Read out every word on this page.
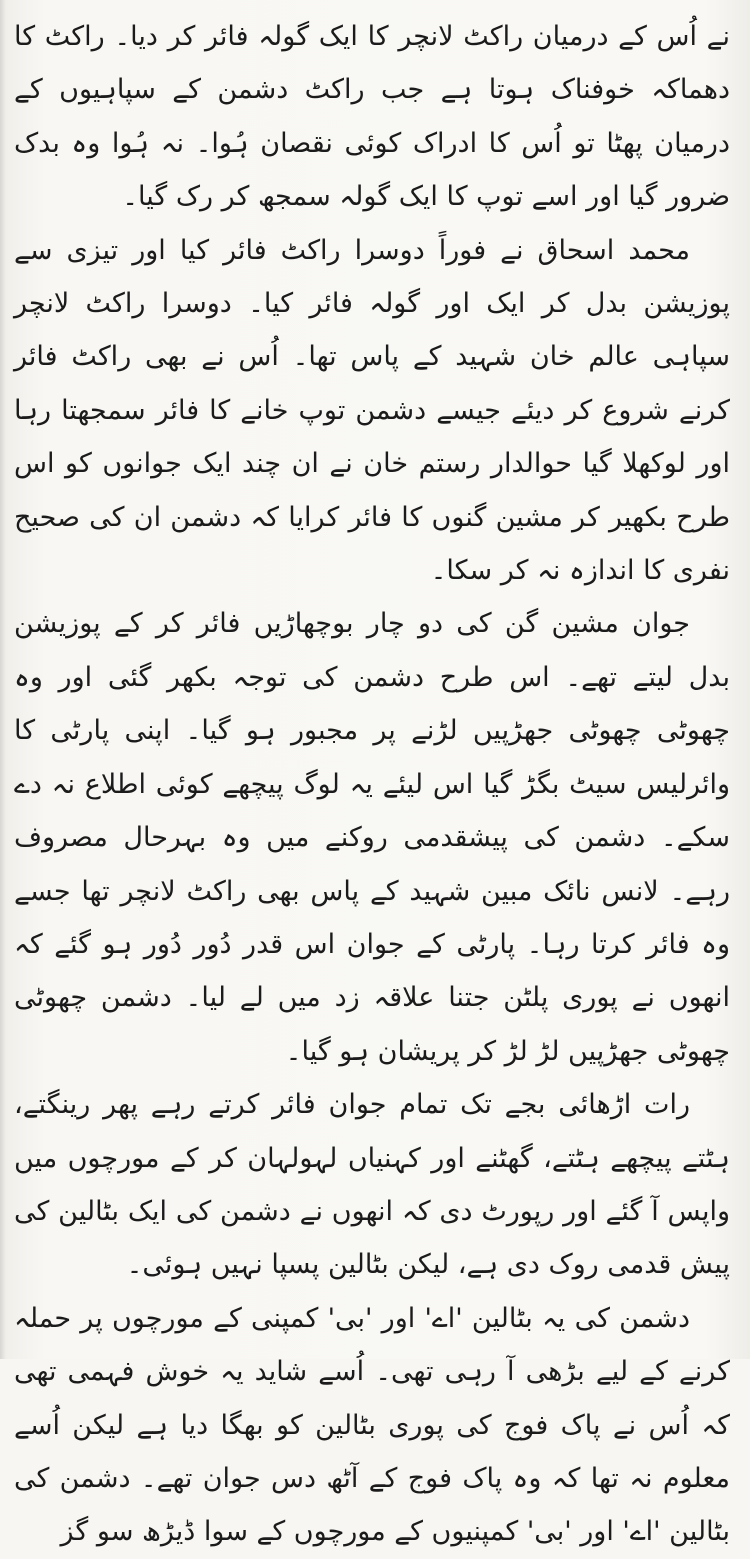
نے اُس کے درمیان راکٹ لانچر کا ایک گولہ فائر کر دیا۔ راکٹ کا دھماکہ خوفناک ہوتا ہے جب راکٹ دشمن کے سپاہیوں کے درمیان پھٹا تو اُس کا ادراک کوئی نقصان ہُوا۔ نہ ہُوا وہ بدک ضرور گیا اور اسے توپ کا ایک گولہ سمجھ کر رک گیا۔

محمد اسحاق نے فوراً دوسرا راکٹ فائر کیا اور تیزی سے پوزیشن بدل کر ایک اور گولہ فائر کیا۔ دوسرا راکٹ لانچر سپاہی عالم خان شہید کے پاس تھا۔ اُس نے بھی راکٹ فائر کرنے شروع کر دیئے جیسے دشمن توپ خانے کا فائر سمجھتا رہا اور لوکھلا گیا حوالدار رستم خان نے ان چند ایک جوانوں کو اس طرح بکھیر کر مشین گنوں کا فائر کرایا کہ دشمن ان کی صحیح نفری کا اندازہ نہ کر سکا۔

جوان مشین گن کی دو چار بوچھاڑیں فائر کر کے پوزیشن بدل لیتے تھے۔ اس طرح دشمن کی توجہ بکھر گئی اور وہ چھوٹی چھوٹی جھڑپیں لڑنے پر مجبور ہو گیا۔ اپنی پارٹی کا وائرلیس سیٹ بگڑ گیا اس لیئے یہ لوگ پیچھے کوئی اطلاع نہ دے سکے۔ دشمن کی پیشقدمی روکنے میں وہ بہرحال مصروف رہے۔ لانس نائک مبین شہید کے پاس بھی راکٹ لانچر تھا جسے وہ فائر کرتا رہا۔ پارٹی کے جوان اس قدر دُور دُور ہو گئے کہ انھوں نے پوری پلٹن جتنا علاقہ زد میں لے لیا۔ دشمن چھوٹی چھوٹی جھڑپیں لڑ لڑ کر پریشان ہو گیا۔

رات اڑھائی بجے تک تمام جوان فائر کرتے رہے پھر رینگتے، ہٹتے پیچھے ہٹتے، گھٹنے اور کہنیاں لہولہان کر کے مورچوں میں واپس آ گئے اور رپورٹ دی کہ انھوں نے دشمن کی ایک بٹالین کی پیش قدمی روک دی ہے، لیکن بٹالین پسپا نہیں ہوئی۔

دشمن کی یہ بٹالین 'اے' اور 'بی' کمپنی کے مورچوں پر حملہ کرنے کے لیے بڑھی آ رہی تھی۔ اُسے شاید یہ خوش فہمی تھی کہ اُس نے پاک فوج کی پوری بٹالین کو بھگا دیا ہے لیکن اُسے معلوم نہ تھا کہ وہ پاک فوج کے آٹھ دس جوان تھے۔ دشمن کی بٹالین 'اے' اور 'بی' کمپنیوں کے مورچوں کے سوا ڈیڑھ سو گز
